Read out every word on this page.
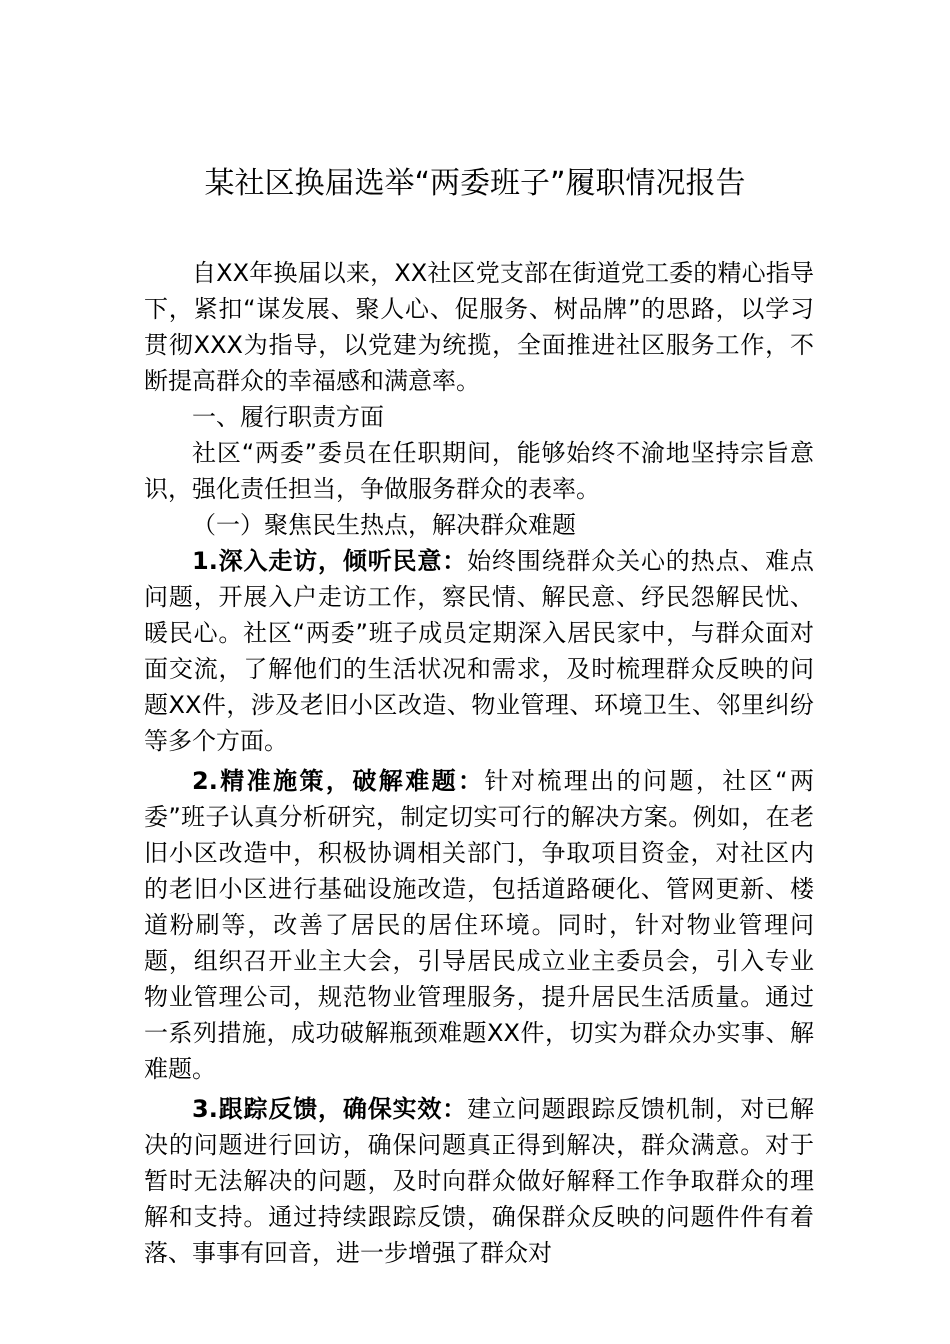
某社区换届选举“两委班子”履职情况报告

自XX年换届以来，XX社区党支部在街道党工委的精心指导下，紧扣“谋发展、聚人心、促服务、树品牌”的思路，以学习贯彻XXX为指导，以党建为统揽，全面推进社区服务工作，不断提高群众的幸福感和满意率。

一、履行职责方面

社区“两委”委员在任职期间，能够始终不渝地坚持宗旨意识，强化责任担当，争做服务群众的表率。

（一）聚焦民生热点，解决群众难题

1.深入走访，倾听民意：始终围绕群众关心的热点、难点问题，开展入户走访工作，察民情、解民意、纾民怨解民忧、暖民心。社区“两委”班子成员定期深入居民家中，与群众面对面交流，了解他们的生活状况和需求，及时梳理群众反映的问题XX件，涉及老旧小区改造、物业管理、环境卫生、邻里纠纷等多个方面。

2.精准施策，破解难题：针对梳理出的问题，社区“两委”班子认真分析研究，制定切实可行的解决方案。例如，在老旧小区改造中，积极协调相关部门，争取项目资金，对社区内的老旧小区进行基础设施改造，包括道路硬化、管网更新、楼道粉刷等，改善了居民的居住环境。同时，针对物业管理问题，组织召开业主大会，引导居民成立业主委员会，引入专业物业管理公司，规范物业管理服务，提升居民生活质量。通过一系列措施，成功破解瓶颈难题XX件，切实为群众办实事、解难题。

3.跟踪反馈，确保实效：建立问题跟踪反馈机制，对已解决的问题进行回访，确保问题真正得到解决，群众满意。对于暂时无法解决的问题，及时向群众做好解释工作争取群众的理解和支持。通过持续跟踪反馈，确保群众反映的问题件件有着落、事事有回音，进一步增强了群众对
